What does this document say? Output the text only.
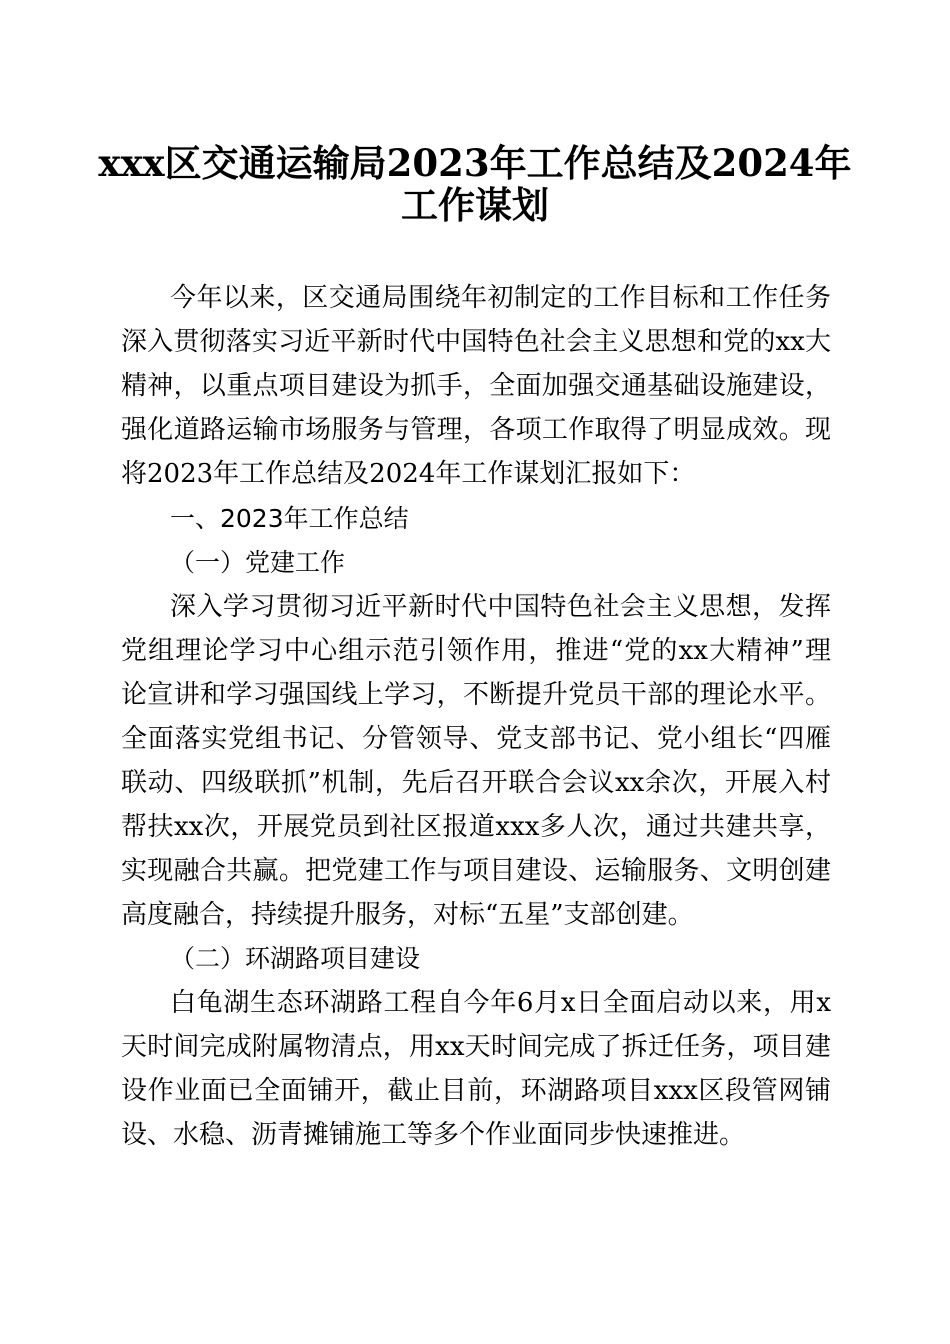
xxx区交通运输局2023年工作总结及2024年
工作谋划
今年以来，区交通局围绕年初制定的工作目标和工作任务
深入贯彻落实习近平新时代中国特色社会主义思想和党的xx大
精神，以重点项目建设为抓手，全面加强交通基础设施建设，
强化道路运输市场服务与管理，各项工作取得了明显成效。现
将2023年工作总结及2024年工作谋划汇报如下：
一、2023年工作总结
（一）党建工作
深入学习贯彻习近平新时代中国特色社会主义思想，发挥
党组理论学习中心组示范引领作用，推进“党的xx大精神”理
论宣讲和学习强国线上学习，不断提升党员干部的理论水平。
全面落实党组书记、分管领导、党支部书记、党小组长“四雁
联动、四级联抓”机制，先后召开联合会议xx余次，开展入村
帮扶xx次，开展党员到社区报道xxx多人次，通过共建共享，
实现融合共赢。把党建工作与项目建设、运输服务、文明创建
高度融合，持续提升服务，对标“五星”支部创建。
（二）环湖路项目建设
白龟湖生态环湖路工程自今年6月x日全面启动以来，用x
天时间完成附属物清点，用xx天时间完成了拆迁任务，项目建
设作业面已全面铺开，截止目前，环湖路项目xxx区段管网铺
设、水稳、沥青摊铺施工等多个作业面同步快速推进。
